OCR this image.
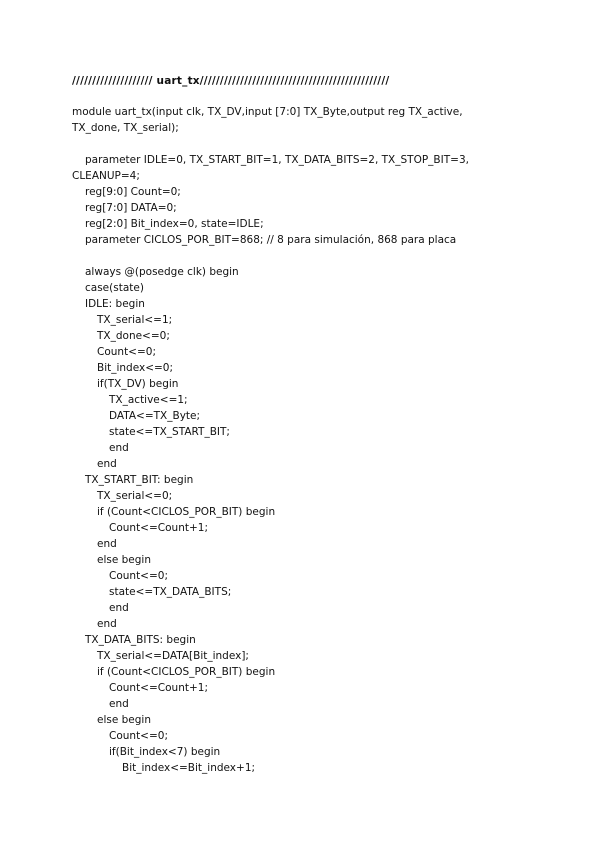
//////////////////// uart_tx///////////////////////////////////////////////
module uart_tx(input clk, TX_DV,input [7:0] TX_Byte,output reg TX_active,
TX_done, TX_serial);
parameter IDLE=0, TX_START_BIT=1, TX_DATA_BITS=2, TX_STOP_BIT=3,
CLEANUP=4;
reg[9:0] Count=0;
reg[7:0] DATA=0;
reg[2:0] Bit_index=0, state=IDLE;
parameter CICLOS_POR_BIT=868; // 8 para simulación, 868 para placa
always @(posedge clk) begin
case(state)
IDLE: begin
TX_serial<=1;
TX_done<=0;
Count<=0;
Bit_index<=0;
if(TX_DV) begin
TX_active<=1;
DATA<=TX_Byte;
state<=TX_START_BIT;
end
end
TX_START_BIT: begin
TX_serial<=0;
if (Count<CICLOS_POR_BIT) begin
Count<=Count+1;
end
else begin
Count<=0;
state<=TX_DATA_BITS;
end
end
TX_DATA_BITS: begin
TX_serial<=DATA[Bit_index];
if (Count<CICLOS_POR_BIT) begin
Count<=Count+1;
end
else begin
Count<=0;
if(Bit_index<7) begin
Bit_index<=Bit_index+1;
